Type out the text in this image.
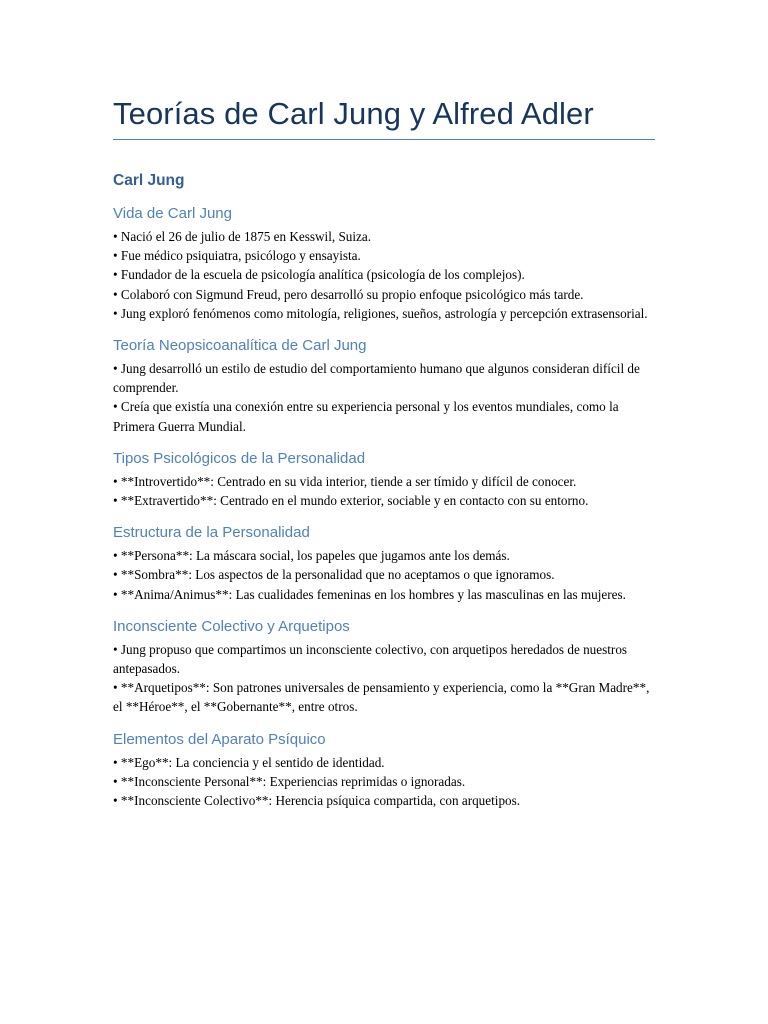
Teorías de Carl Jung y Alfred Adler
Carl Jung
Vida de Carl Jung
• Nació el 26 de julio de 1875 en Kesswil, Suiza.
• Fue médico psiquiatra, psicólogo y ensayista.
• Fundador de la escuela de psicología analítica (psicología de los complejos).
• Colaboró con Sigmund Freud, pero desarrolló su propio enfoque psicológico más tarde.
• Jung exploró fenómenos como mitología, religiones, sueños, astrología y percepción extrasensorial.
Teoría Neopsicoanalítica de Carl Jung
• Jung desarrolló un estilo de estudio del comportamiento humano que algunos consideran difícil de comprender.
• Creía que existía una conexión entre su experiencia personal y los eventos mundiales, como la Primera Guerra Mundial.
Tipos Psicológicos de la Personalidad
• **Introvertido**: Centrado en su vida interior, tiende a ser tímido y difícil de conocer.
• **Extravertido**: Centrado en el mundo exterior, sociable y en contacto con su entorno.
Estructura de la Personalidad
• **Persona**: La máscara social, los papeles que jugamos ante los demás.
• **Sombra**: Los aspectos de la personalidad que no aceptamos o que ignoramos.
• **Anima/Animus**: Las cualidades femeninas en los hombres y las masculinas en las mujeres.
Inconsciente Colectivo y Arquetipos
• Jung propuso que compartimos un inconsciente colectivo, con arquetipos heredados de nuestros antepasados.
• **Arquetipos**: Son patrones universales de pensamiento y experiencia, como la **Gran Madre**, el **Héroe**, el **Gobernante**, entre otros.
Elementos del Aparato Psíquico
• **Ego**: La conciencia y el sentido de identidad.
• **Inconsciente Personal**: Experiencias reprimidas o ignoradas.
• **Inconsciente Colectivo**: Herencia psíquica compartida, con arquetipos.
